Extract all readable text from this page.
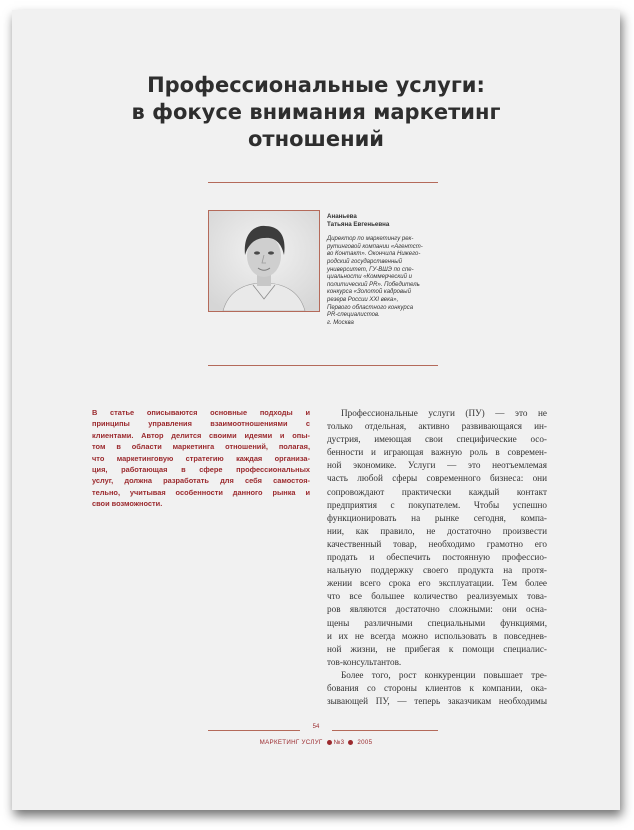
Профессиональные услуги:
в фокусе внимания маркетинг
отношений
Ананьева
Татьяна Евгеньевна
Директор по маркетингу рек-
рутинговой компании «Агентст-
во Контакт». Окончила Нижего-
родский государственный
университет, ГУ-ВШЭ по спе-
циальности «Коммерческий и
политический PR». Победитель
конкурса «Золотой кадровый
резерв России XXI века»,
Первого областного конкурса
PR-специалистов.
г. Москва
В статье описываются основные подходы и
принципы управления взаимоотношениями с
клиентами. Автор делится своими идеями и опы-
том в области маркетинга отношений, полагая,
что маркетинговую стратегию каждая организа-
ция, работающая в сфере профессиональных
услуг, должна разработать для себя самостоя-
тельно, учитывая особенности данного рынка и
свои возможности.
Профессиональные услуги (ПУ) — это не
только отдельная, активно развивающаяся ин-
дустрия, имеющая свои специфические осо-
бенности и играющая важную роль в современ-
ной экономике. Услуги — это неотъемлемая
часть любой сферы современного бизнеса: они
сопровождают практически каждый контакт
предприятия с покупателем. Чтобы успешно
функционировать на рынке сегодня, компа-
нии, как правило, не достаточно произвести
качественный товар, необходимо грамотно его
продать и обеспечить постоянную профессио-
нальную поддержку своего продукта на протя-
жении всего срока его эксплуатации. Тем более
что все большее количество реализуемых това-
ров являются достаточно сложными: они осна-
щены различными специальными функциями,
и их не всегда можно использовать в повседнев-
ной жизни, не прибегая к помощи специалис-
тов-консультантов.
Более того, рост конкуренции повышает тре-
бования со стороны клиентов к компании, ока-
зывающей ПУ, — теперь заказчикам необходимы
54
МАРКЕТИНГ УСЛУГ №3 2005
